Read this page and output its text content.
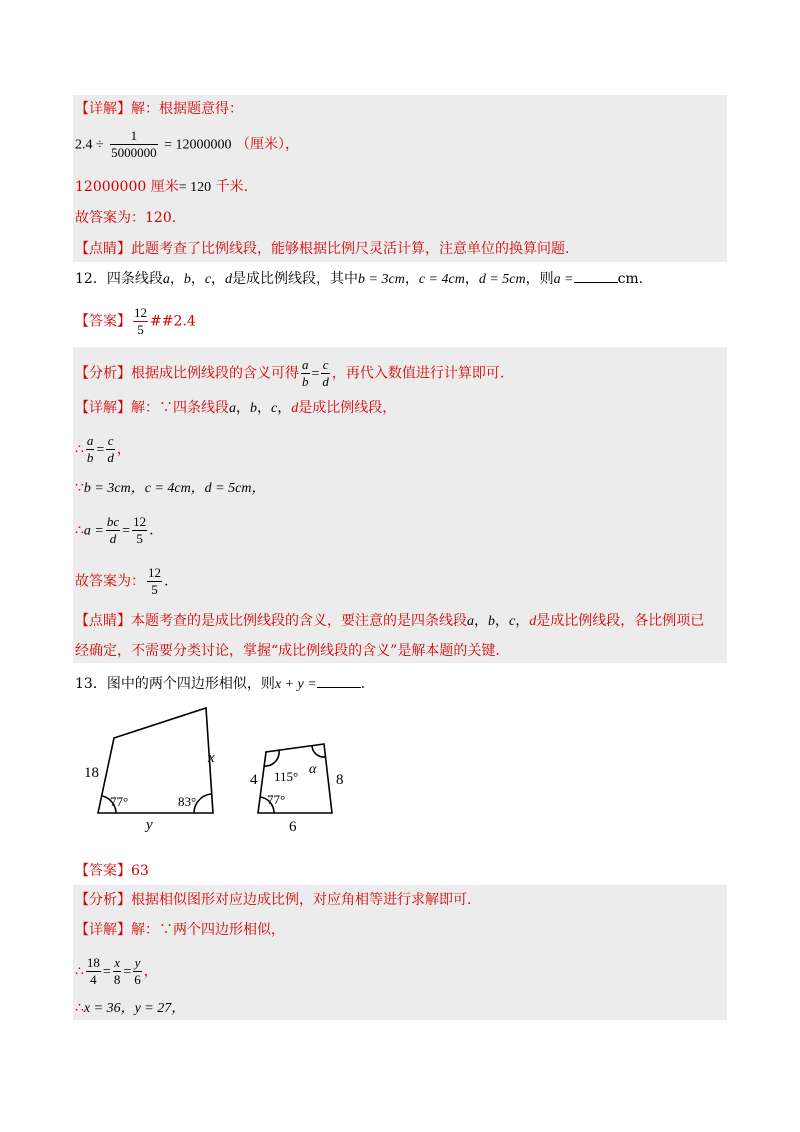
【详解】解：根据题意得：
$2.4 \div \frac{1}{5000000} = 12000000$ （厘米），
12000000 厘米= 120 千米.
故答案为：120.
【点睛】此题考查了比例线段，能够根据比例尺灵活计算，注意单位的换算问题.
12．四条线段a，b，c，d是成比例线段，其中b = 3cm，c = 4cm，d = 5cm，则a =	cm.
【答案】 $\frac{12}{5}$ ##2.4
【分析】根据成比例线段的含义可得 $\frac{a}{b} = \frac{c}{d}$ ，再代入数值进行计算即可.
【详解】解：∵四条线段a，b，c，d是成比例线段，
∴ $\frac{a}{b} = \frac{c}{d}$ ，
∵b = 3cm，c = 4cm，d = 5cm，
∴a = $\frac{bc}{d} = \frac{12}{5}$ .
故答案为： $\frac{12}{5}$ .
【点睛】本题考查的是成比例线段的含义，要注意的是四条线段a，b，c，d是成比例线段，各比例项已
经确定，不需要分类讨论，掌握“成比例线段的含义”是解本题的关键.
13．图中的两个四边形相似，则x + y =	.
18
x
y
77°	83°
4	8
6
115° α
77°
【答案】63
【分析】根据相似图形对应边成比例，对应角相等进行求解即可.
【详解】解：∵两个四边形相似，
∴ $\frac{18}{4} = \frac{x}{8} = \frac{y}{6}$ ，
∴x = 36，y = 27，
